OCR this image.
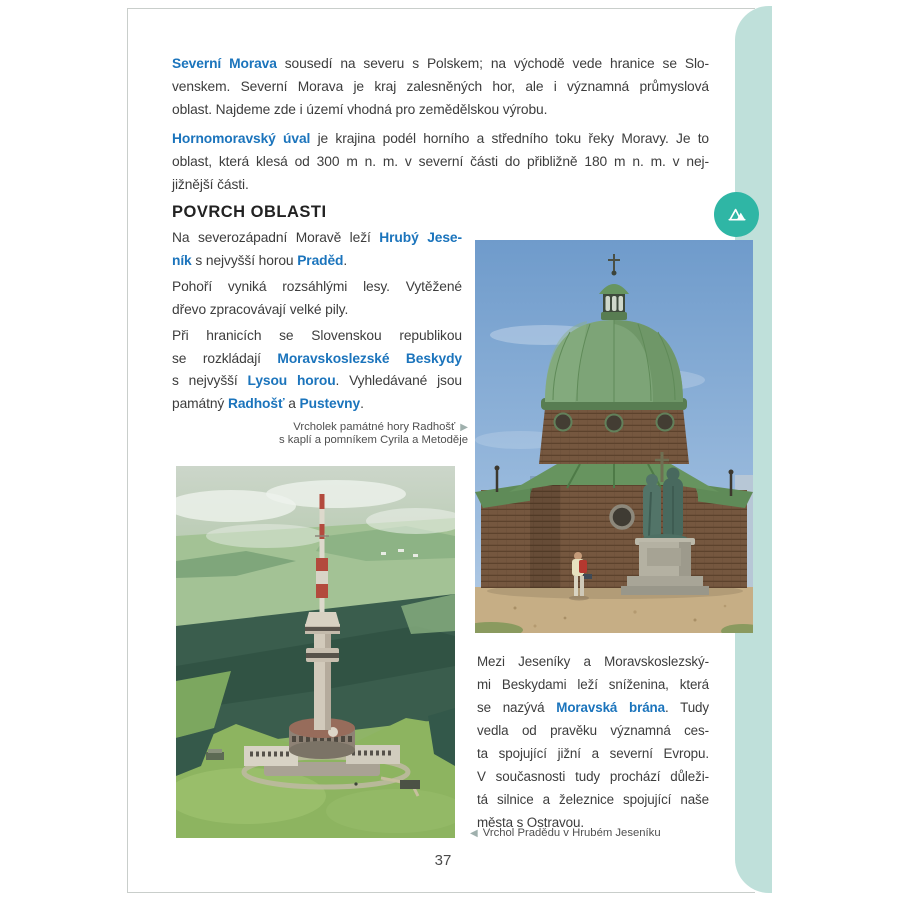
Severní Morava sousedí na severu s Polskem; na východě vede hranice se Slo-
venskem. Severní Morava je kraj zalesněných hor, ale i významná průmyslová
oblast. Najdeme zde i území vhodná pro zemědělskou výrobu.
Hornomoravský úval je krajina podél horního a středního toku řeky Moravy. Je to
oblast, která klesá od 300 m n. m. v severní části do přibližně 180 m n. m. v nej-
jižnější části.
POVRCH OBLASTI
Na severozápadní Moravě leží Hrubý Jese-
ník s nejvyšší horou Praděd.
Pohoří vyniká rozsáhlými lesy. Vytěžené
dřevo zpracovávají velké pily.
Při hranicích se Slovenskou republikou
se rozkládají Moravskoslezské Beskydy
s nejvyšší Lysou horou. Vyhledávané jsou
památný Radhošť a Pustevny.
Vrcholek památné hory Radhošť ▶
s kaplí a pomníkem Cyrila a Metoděje
Mezi Jeseníky a Moravskoslezský-
mi Beskydami leží sníženina, která
se nazývá Moravská brána. Tudy
vedla od pravěku významná ces-
ta spojující jižní a severní Evropu.
V současnosti tudy prochází důleži-
tá silnice a železnice spojující naše
města s Ostravou.
◀ Vrchol Pradědu v Hrubém Jeseníku
37
